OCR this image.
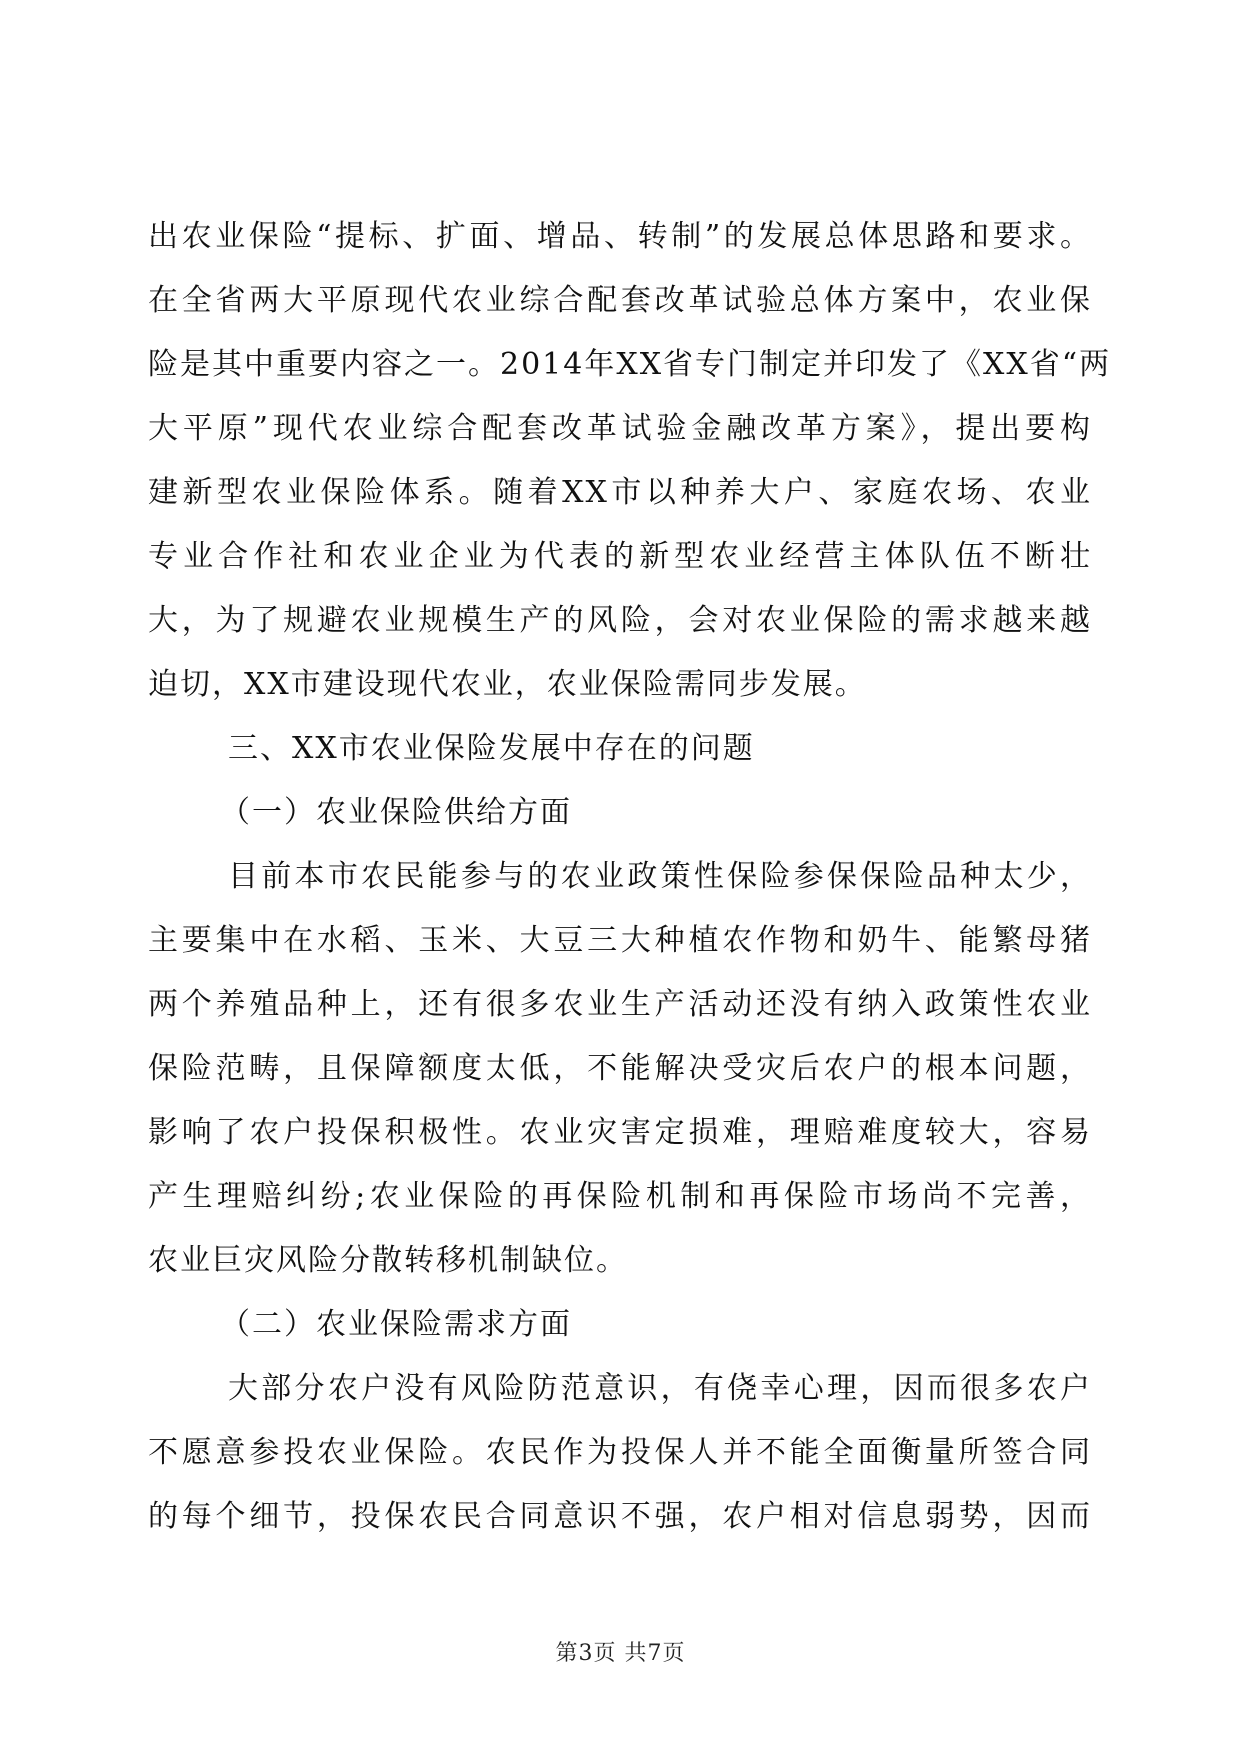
出农业保险“提标、扩面、增品、转制”的发展总体思路和要求。
在全省两大平原现代农业综合配套改革试验总体方案中，农业保
险是其中重要内容之一。2014年XX省专门制定并印发了《XX省“两
大平原”现代农业综合配套改革试验金融改革方案》，提出要构
建新型农业保险体系。随着XX市以种养大户、家庭农场、农业
专业合作社和农业企业为代表的新型农业经营主体队伍不断壮
大，为了规避农业规模生产的风险，会对农业保险的需求越来越
迫切，XX市建设现代农业，农业保险需同步发展。
三、XX市农业保险发展中存在的问题
（一）农业保险供给方面
目前本市农民能参与的农业政策性保险参保保险品种太少，
主要集中在水稻、玉米、大豆三大种植农作物和奶牛、能繁母猪
两个养殖品种上，还有很多农业生产活动还没有纳入政策性农业
保险范畴，且保障额度太低，不能解决受灾后农户的根本问题，
影响了农户投保积极性。农业灾害定损难，理赔难度较大，容易
产生理赔纠纷;农业保险的再保险机制和再保险市场尚不完善，
农业巨灾风险分散转移机制缺位。
（二）农业保险需求方面
大部分农户没有风险防范意识，有侥幸心理，因而很多农户
不愿意参投农业保险。农民作为投保人并不能全面衡量所签合同
的每个细节，投保农民合同意识不强，农户相对信息弱势，因而
第3页 共7页
